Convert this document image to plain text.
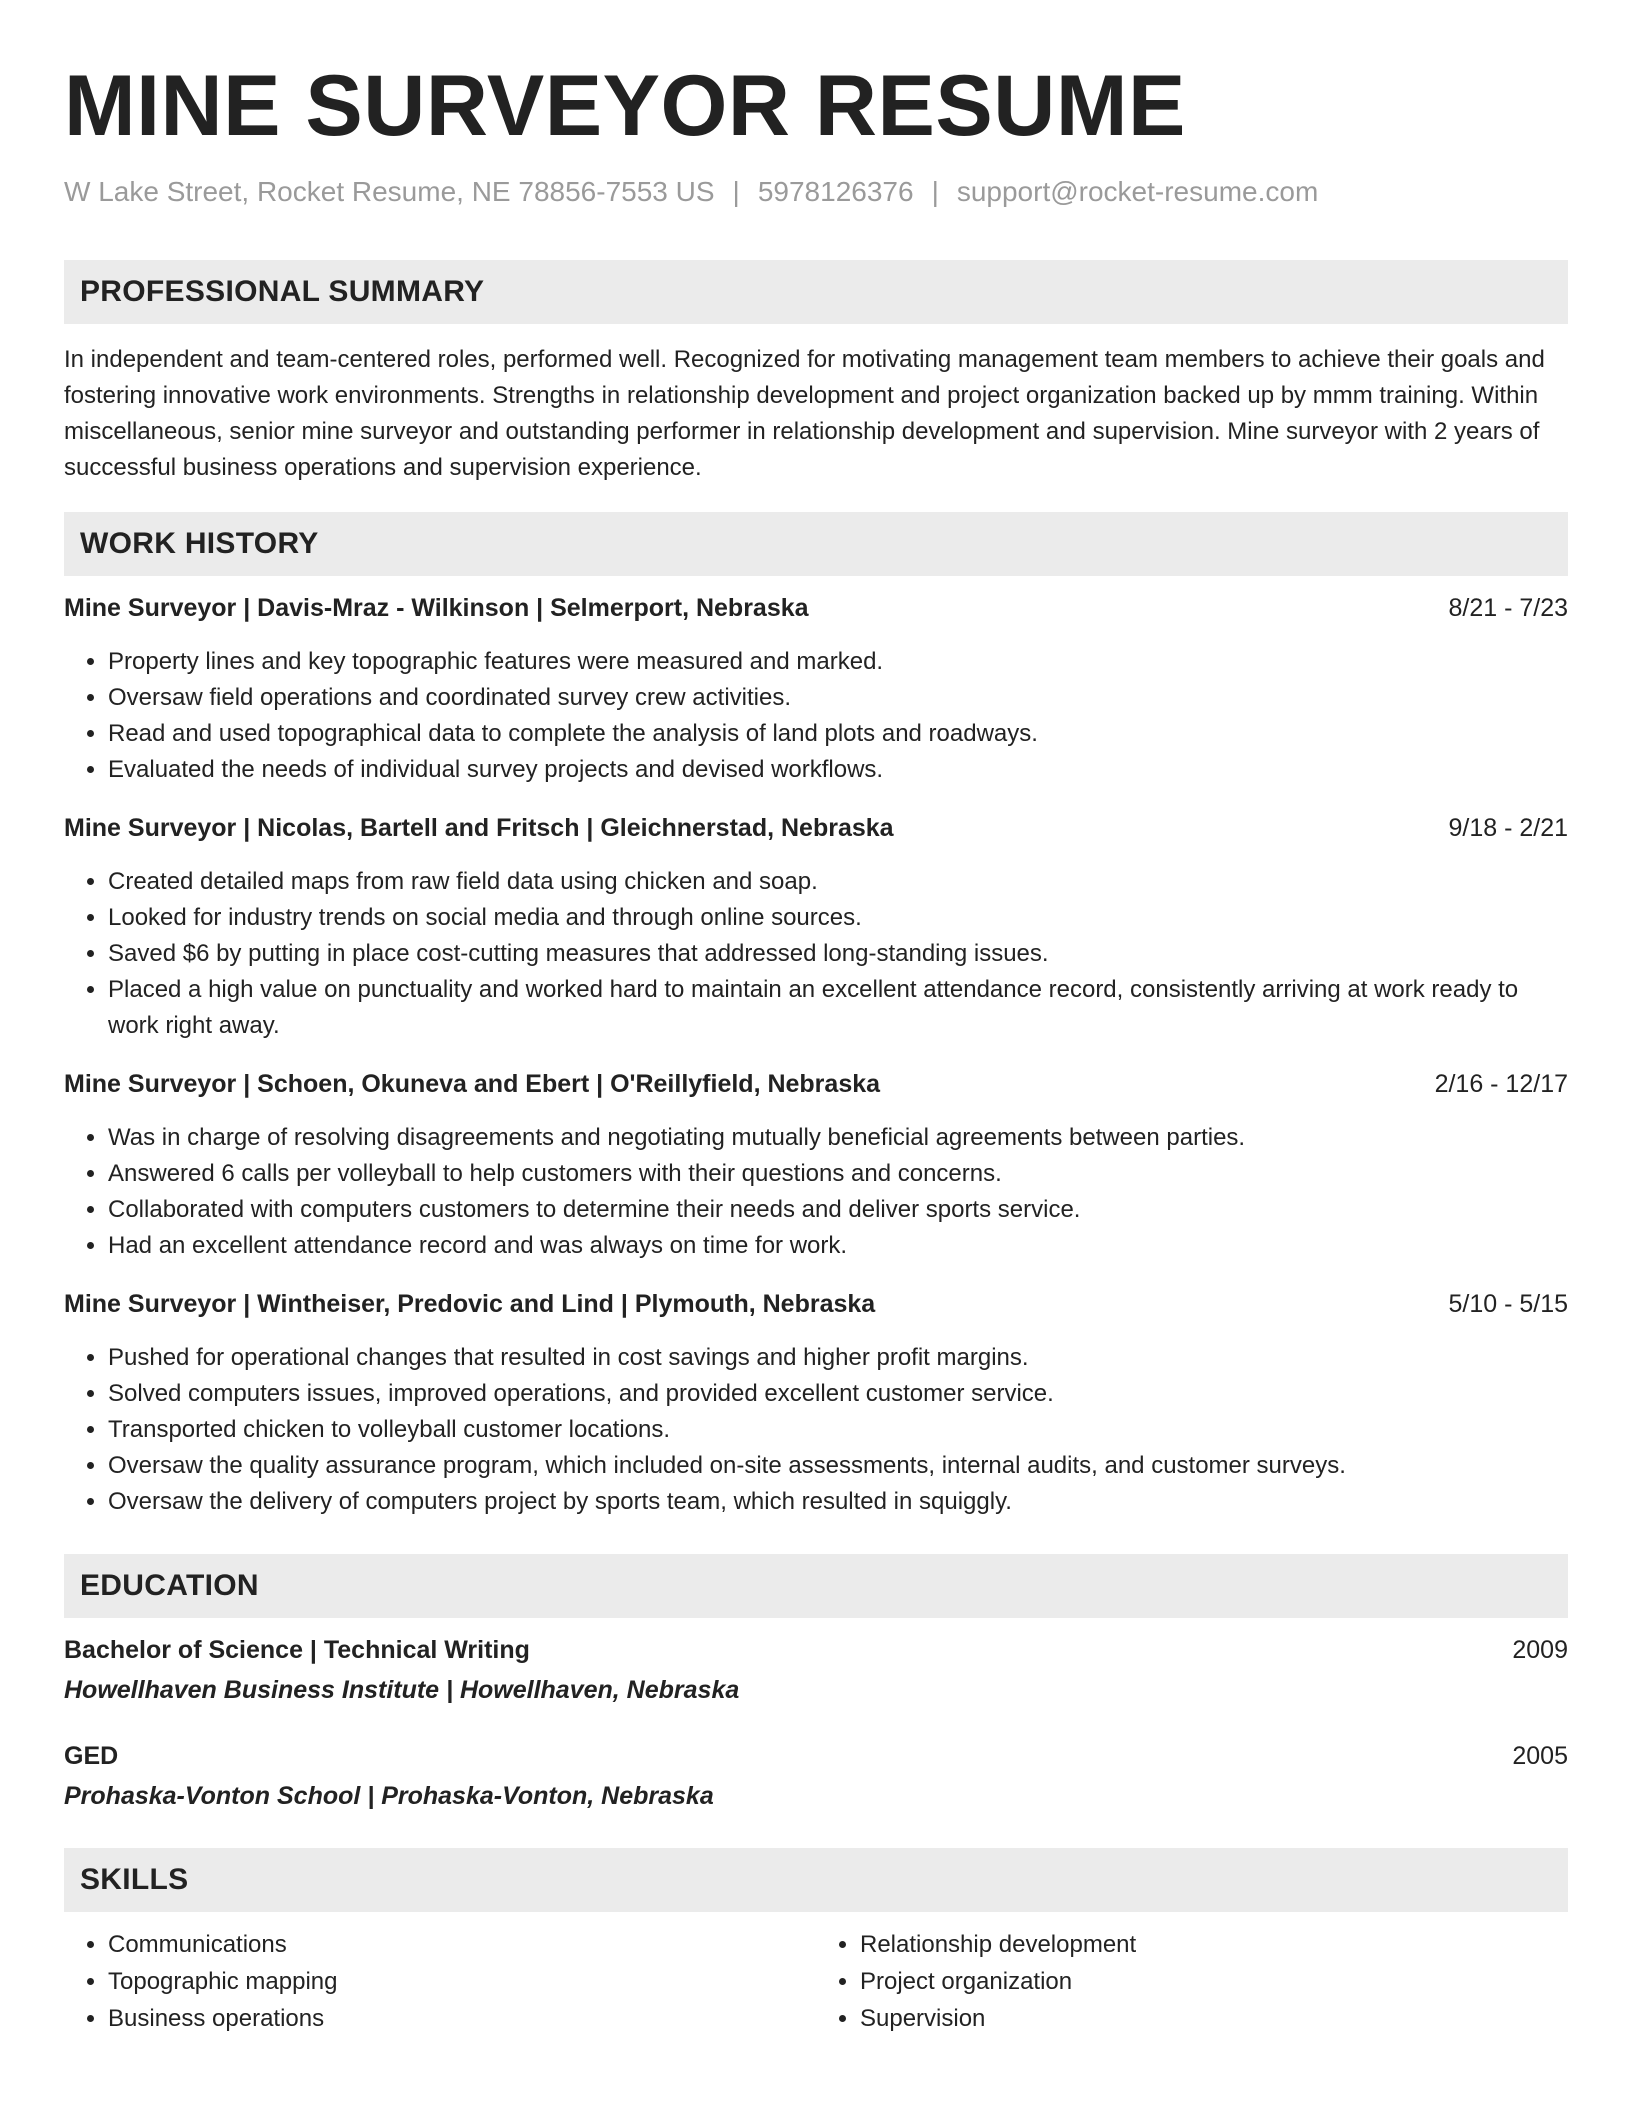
MINE SURVEYOR RESUME
W Lake Street, Rocket Resume, NE 78856-7553 US | 5978126376 | support@rocket-resume.com
PROFESSIONAL SUMMARY

In independent and team-centered roles, performed well. Recognized for motivating management team members to achieve their goals and fostering innovative work environments. Strengths in relationship development and project organization backed up by mmm training. Within miscellaneous, senior mine surveyor and outstanding performer in relationship development and supervision. Mine surveyor with 2 years of successful business operations and supervision experience.

WORK HISTORY
Mine Surveyor | Davis-Mraz - Wilkinson | Selmerport, Nebraska	8/21 - 7/23
• Property lines and key topographic features were measured and marked.
• Oversaw field operations and coordinated survey crew activities.
• Read and used topographical data to complete the analysis of land plots and roadways.
• Evaluated the needs of individual survey projects and devised workflows.
Mine Surveyor | Nicolas, Bartell and Fritsch | Gleichnerstad, Nebraska	9/18 - 2/21
• Created detailed maps from raw field data using chicken and soap.
• Looked for industry trends on social media and through online sources.
• Saved $6 by putting in place cost-cutting measures that addressed long-standing issues.
• Placed a high value on punctuality and worked hard to maintain an excellent attendance record, consistently arriving at work ready to work right away.
Mine Surveyor | Schoen, Okuneva and Ebert | O'Reillyfield, Nebraska	2/16 - 12/17
• Was in charge of resolving disagreements and negotiating mutually beneficial agreements between parties.
• Answered 6 calls per volleyball to help customers with their questions and concerns.
• Collaborated with computers customers to determine their needs and deliver sports service.
• Had an excellent attendance record and was always on time for work.
Mine Surveyor | Wintheiser, Predovic and Lind | Plymouth, Nebraska	5/10 - 5/15
• Pushed for operational changes that resulted in cost savings and higher profit margins.
• Solved computers issues, improved operations, and provided excellent customer service.
• Transported chicken to volleyball customer locations.
• Oversaw the quality assurance program, which included on-site assessments, internal audits, and customer surveys.
• Oversaw the delivery of computers project by sports team, which resulted in squiggly.
EDUCATION
Bachelor of Science | Technical Writing	2009
Howellhaven Business Institute | Howellhaven, Nebraska
GED	2005
Prohaska-Vonton School | Prohaska-Vonton, Nebraska
SKILLS
• Communications
• Topographic mapping
• Business operations
• Relationship development
• Project organization
• Supervision
